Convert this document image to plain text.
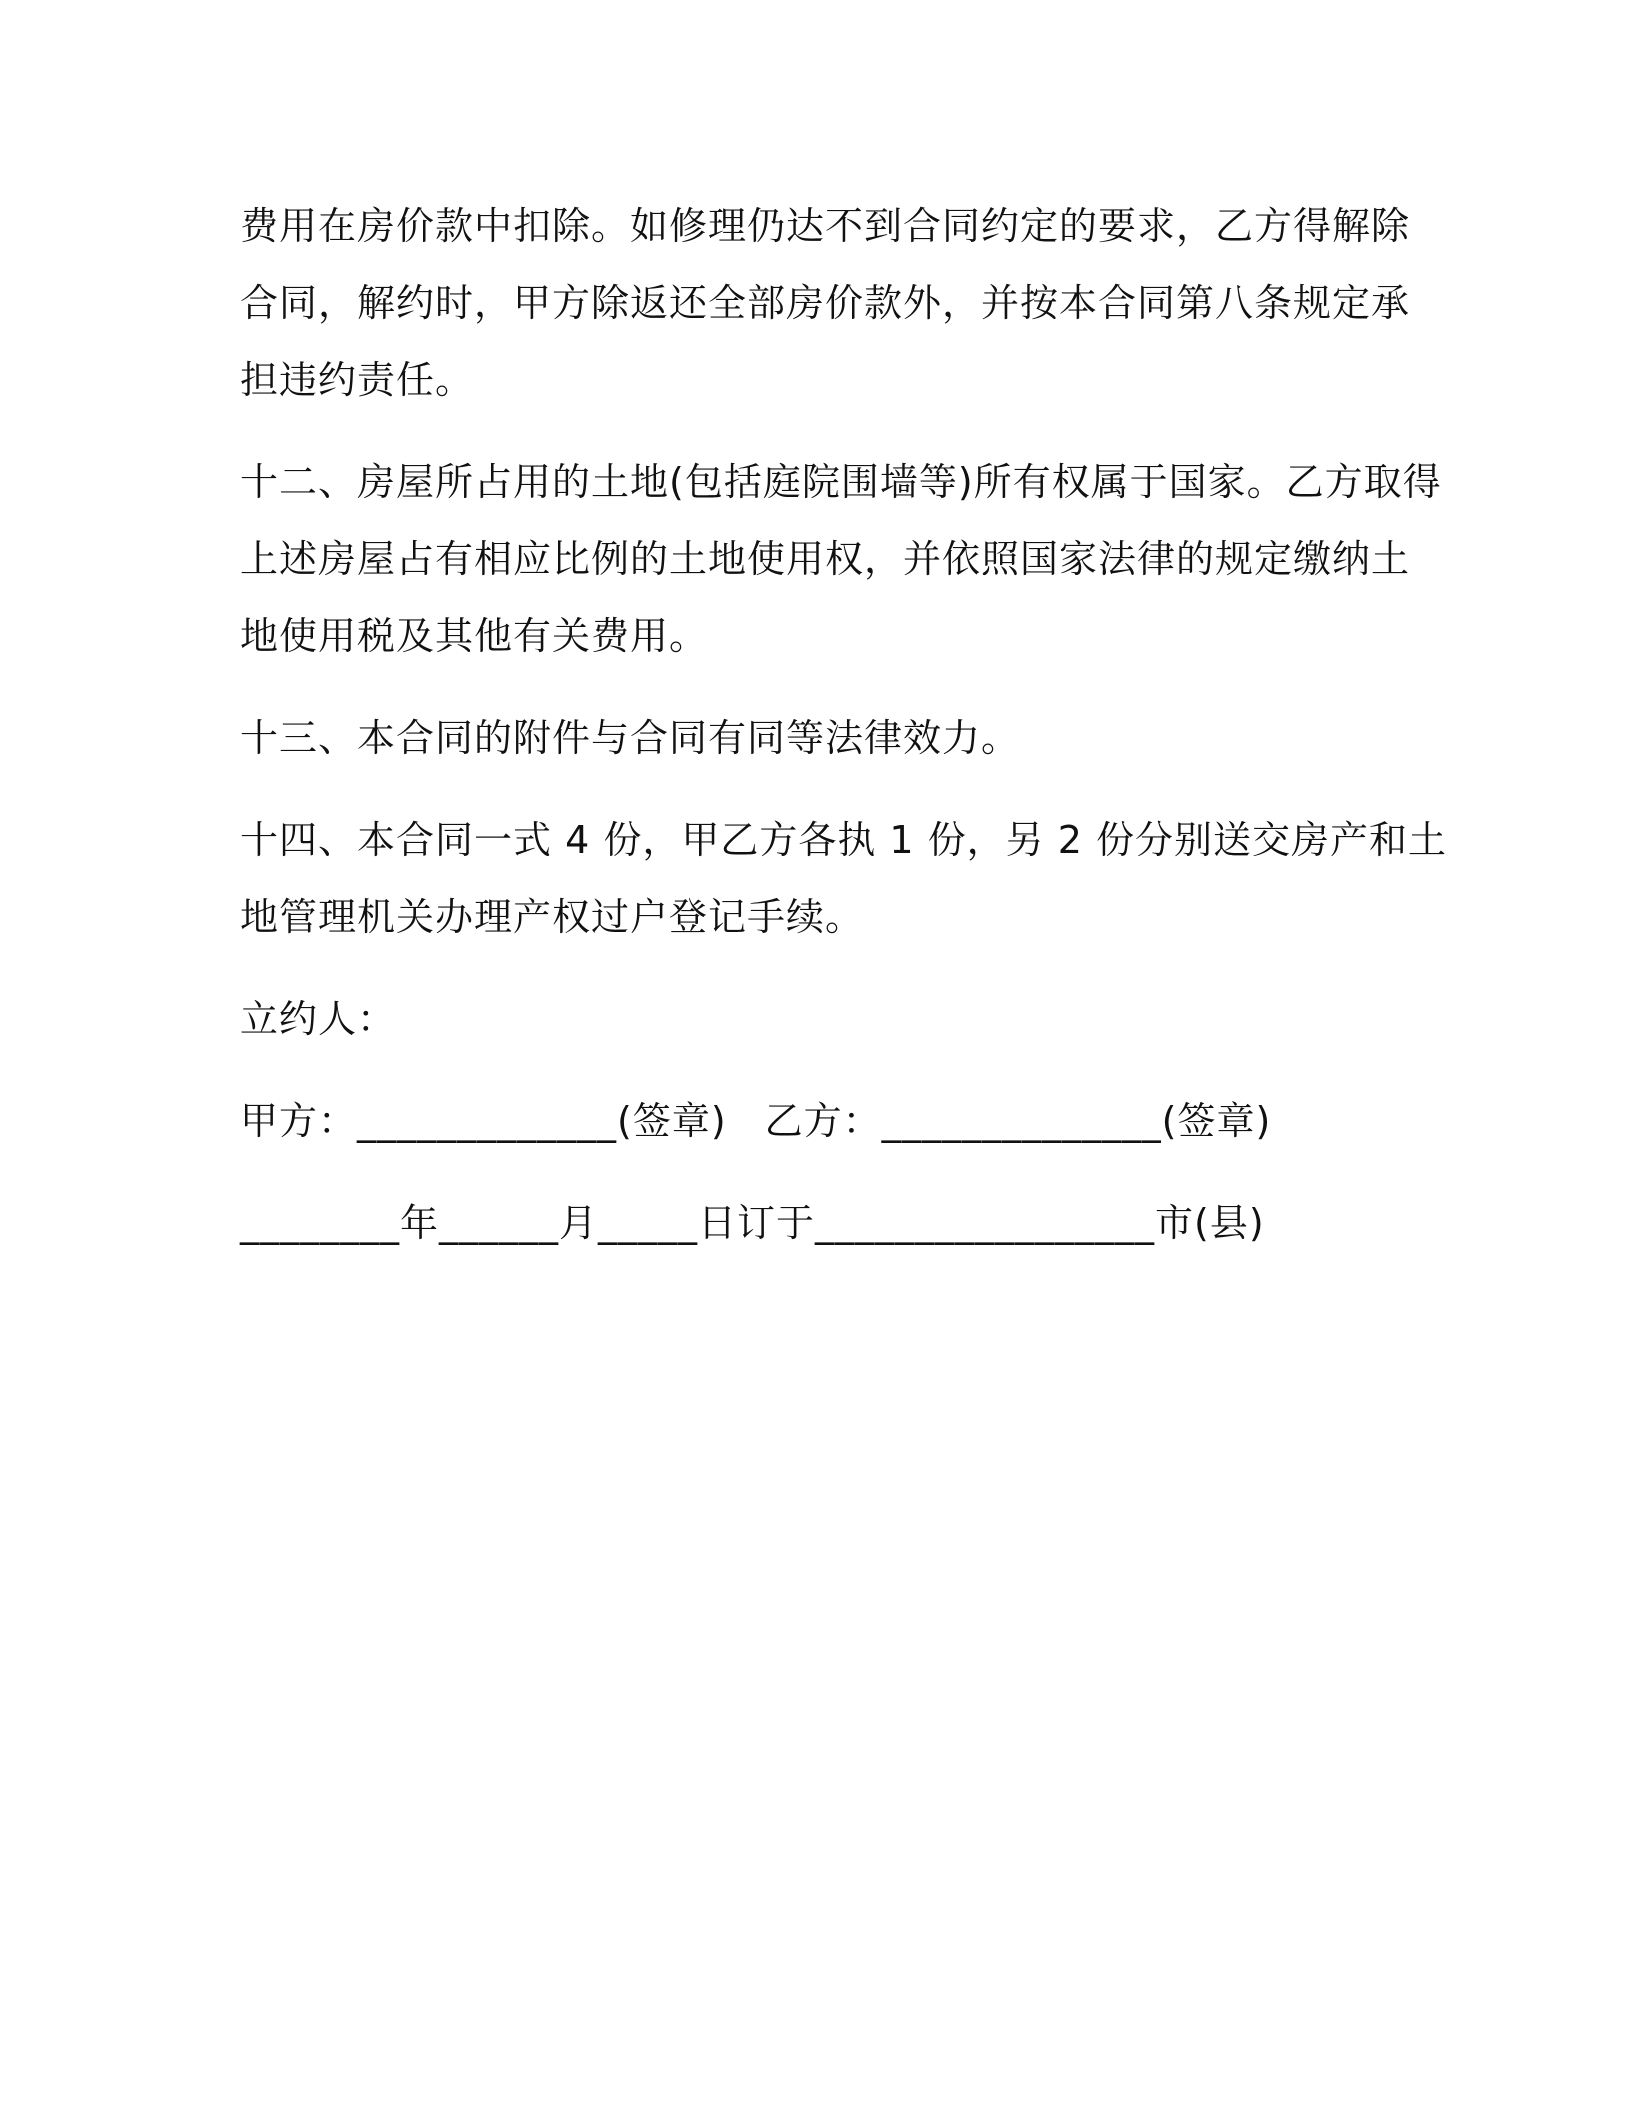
费用在房价款中扣除。如修理仍达不到合同约定的要求，乙方得解除
合同，解约时，甲方除返还全部房价款外，并按本合同第八条规定承
担违约责任。

十二、房屋所占用的土地(包括庭院围墙等)所有权属于国家。乙方取得
上述房屋占有相应比例的土地使用权，并依照国家法律的规定缴纳土
地使用税及其他有关费用。

十三、本合同的附件与合同有同等法律效力。

十四、本合同一式 4 份，甲乙方各执 1 份，另 2 份分别送交房产和土
地管理机关办理产权过户登记手续。

立约人：

甲方：_____________(签章) 乙方：______________(签章)

________年______月_____日订于_________________市(县)
